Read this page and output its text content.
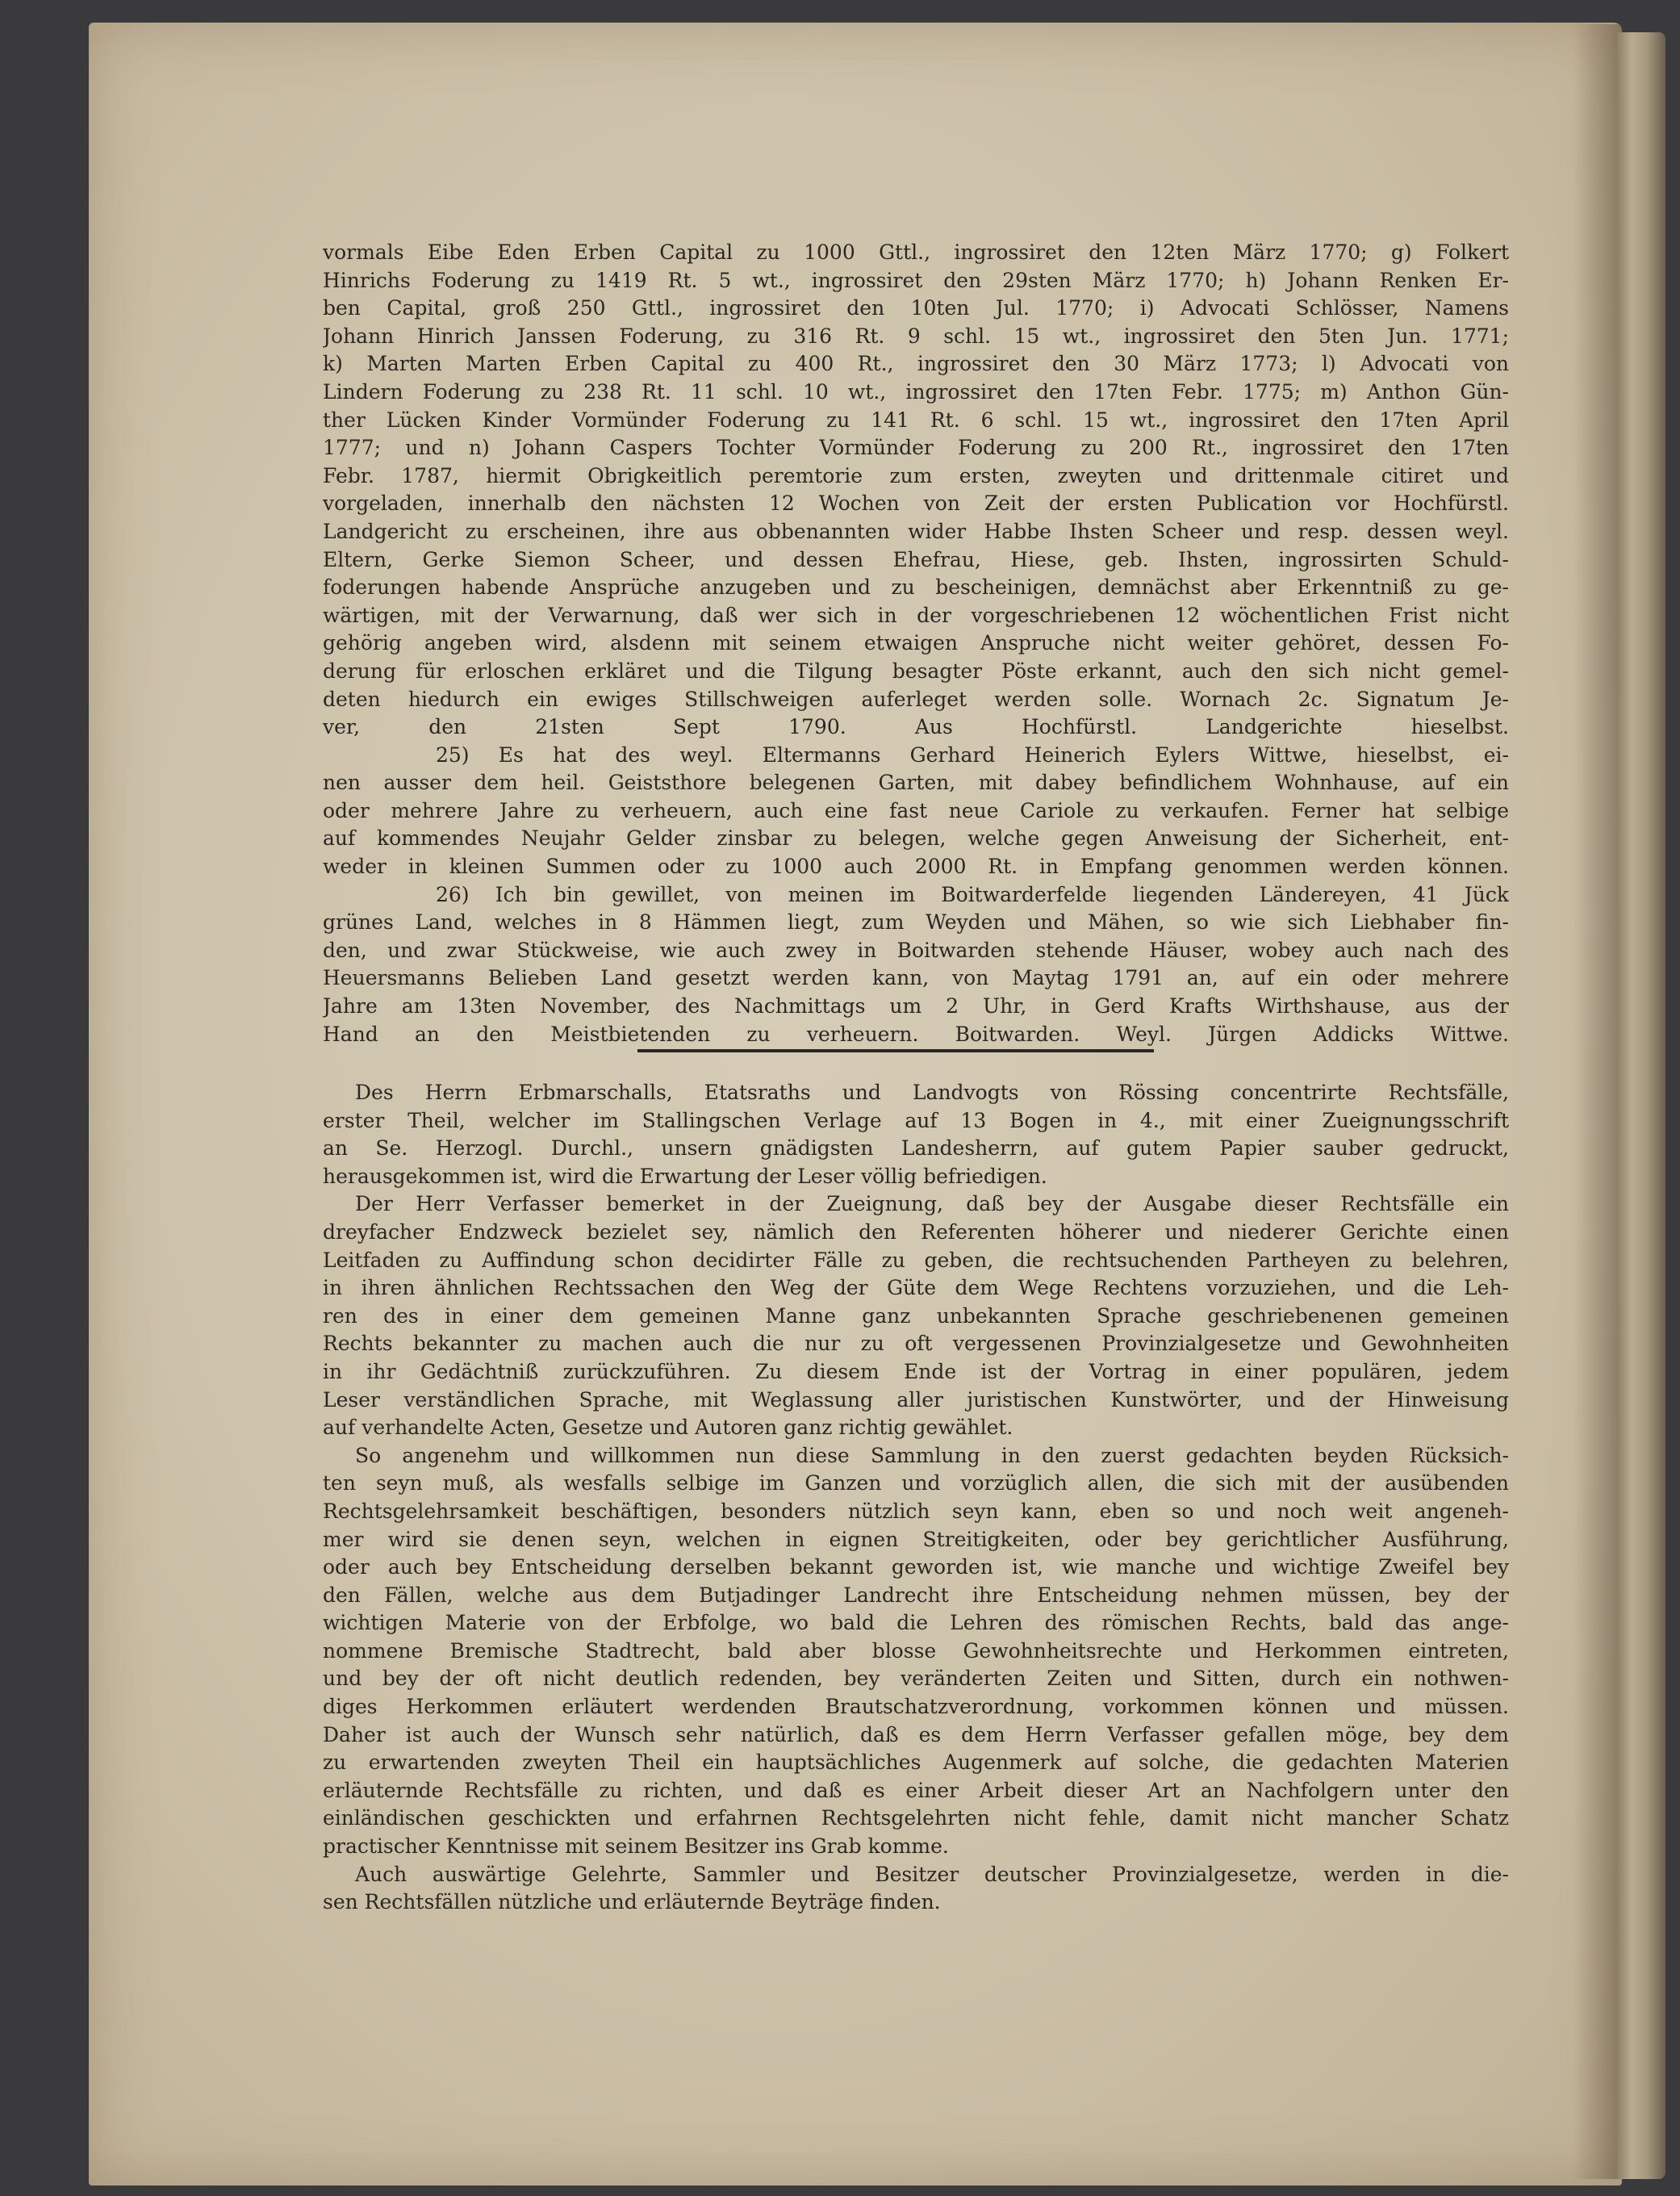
vormals Eibe Eden Erben Capital zu 1000 Gttl., ingrossiret den 12ten März 1770; g) Folkert
Hinrichs Foderung zu 1419 Rt. 5 wt., ingrossiret den 29sten März 1770; h) Johann Renken Er-
ben Capital, groß 250 Gttl., ingrossiret den 10ten Jul. 1770; i) Advocati Schlösser, Namens
Johann Hinrich Janssen Foderung, zu 316 Rt. 9 schl. 15 wt., ingrossiret den 5ten Jun. 1771;
k) Marten Marten Erben Capital zu 400 Rt., ingrossiret den 30 März 1773; l) Advocati von
Lindern Foderung zu 238 Rt. 11 schl. 10 wt., ingrossiret den 17ten Febr. 1775; m) Anthon Gün-
ther Lücken Kinder Vormünder Foderung zu 141 Rt. 6 schl. 15 wt., ingrossiret den 17ten April
1777; und n) Johann Caspers Tochter Vormünder Foderung zu 200 Rt., ingrossiret den 17ten
Febr. 1787, hiermit Obrigkeitlich peremtorie zum ersten, zweyten und drittenmale citiret und
vorgeladen, innerhalb den nächsten 12 Wochen von Zeit der ersten Publication vor Hochfürstl.
Landgericht zu erscheinen, ihre aus obbenannten wider Habbe Ihsten Scheer und resp. dessen weyl.
Eltern, Gerke Siemon Scheer, und dessen Ehefrau, Hiese, geb. Ihsten, ingrossirten Schuld-
foderungen habende Ansprüche anzugeben und zu bescheinigen, demnächst aber Erkenntniß zu ge-
wärtigen, mit der Verwarnung, daß wer sich in der vorgeschriebenen 12 wöchentlichen Frist nicht
gehörig angeben wird, alsdenn mit seinem etwaigen Anspruche nicht weiter gehöret, dessen Fo-
derung für erloschen erkläret und die Tilgung besagter Pöste erkannt, auch den sich nicht gemel-
deten hiedurch ein ewiges Stillschweigen auferleget werden solle. Wornach 2c. Signatum Je-
ver, den 21sten Sept 1790. Aus Hochfürstl. Landgerichte hieselbst.
25) Es hat des weyl. Eltermanns Gerhard Heinerich Eylers Wittwe, hieselbst, ei-
nen ausser dem heil. Geiststhore belegenen Garten, mit dabey befindlichem Wohnhause, auf ein
oder mehrere Jahre zu verheuern, auch eine fast neue Cariole zu verkaufen. Ferner hat selbige
auf kommendes Neujahr Gelder zinsbar zu belegen, welche gegen Anweisung der Sicherheit, ent-
weder in kleinen Summen oder zu 1000 auch 2000 Rt. in Empfang genommen werden können.
26) Ich bin gewillet, von meinen im Boitwarderfelde liegenden Ländereyen, 41 Jück
grünes Land, welches in 8 Hämmen liegt, zum Weyden und Mähen, so wie sich Liebhaber fin-
den, und zwar Stückweise, wie auch zwey in Boitwarden stehende Häuser, wobey auch nach des
Heuersmanns Belieben Land gesetzt werden kann, von Maytag 1791 an, auf ein oder mehrere
Jahre am 13ten November, des Nachmittags um 2 Uhr, in Gerd Krafts Wirthshause, aus der
Hand an den Meistbietenden zu verheuern. Boitwarden. Weyl. Jürgen Addicks Wittwe.
Des Herrn Erbmarschalls, Etatsraths und Landvogts von Rössing concentrirte Rechtsfälle,
erster Theil, welcher im Stallingschen Verlage auf 13 Bogen in 4., mit einer Zueignungsschrift
an Se. Herzogl. Durchl., unsern gnädigsten Landesherrn, auf gutem Papier sauber gedruckt,
herausgekommen ist, wird die Erwartung der Leser völlig befriedigen.
Der Herr Verfasser bemerket in der Zueignung, daß bey der Ausgabe dieser Rechtsfälle ein
dreyfacher Endzweck bezielet sey, nämlich den Referenten höherer und niederer Gerichte einen
Leitfaden zu Auffindung schon decidirter Fälle zu geben, die rechtsuchenden Partheyen zu belehren,
in ihren ähnlichen Rechtssachen den Weg der Güte dem Wege Rechtens vorzuziehen, und die Leh-
ren des in einer dem gemeinen Manne ganz unbekannten Sprache geschriebenenen gemeinen
Rechts bekannter zu machen auch die nur zu oft vergessenen Provinzialgesetze und Gewohnheiten
in ihr Gedächtniß zurückzuführen. Zu diesem Ende ist der Vortrag in einer populären, jedem
Leser verständlichen Sprache, mit Weglassung aller juristischen Kunstwörter, und der Hinweisung
auf verhandelte Acten, Gesetze und Autoren ganz richtig gewählet.
So angenehm und willkommen nun diese Sammlung in den zuerst gedachten beyden Rücksich-
ten seyn muß, als wesfalls selbige im Ganzen und vorzüglich allen, die sich mit der ausübenden
Rechtsgelehrsamkeit beschäftigen, besonders nützlich seyn kann, eben so und noch weit angeneh-
mer wird sie denen seyn, welchen in eignen Streitigkeiten, oder bey gerichtlicher Ausführung,
oder auch bey Entscheidung derselben bekannt geworden ist, wie manche und wichtige Zweifel bey
den Fällen, welche aus dem Butjadinger Landrecht ihre Entscheidung nehmen müssen, bey der
wichtigen Materie von der Erbfolge, wo bald die Lehren des römischen Rechts, bald das ange-
nommene Bremische Stadtrecht, bald aber blosse Gewohnheitsrechte und Herkommen eintreten,
und bey der oft nicht deutlich redenden, bey veränderten Zeiten und Sitten, durch ein nothwen-
diges Herkommen erläutert werdenden Brautschatzverordnung, vorkommen können und müssen.
Daher ist auch der Wunsch sehr natürlich, daß es dem Herrn Verfasser gefallen möge, bey dem
zu erwartenden zweyten Theil ein hauptsächliches Augenmerk auf solche, die gedachten Materien
erläuternde Rechtsfälle zu richten, und daß es einer Arbeit dieser Art an Nachfolgern unter den
einländischen geschickten und erfahrnen Rechtsgelehrten nicht fehle, damit nicht mancher Schatz
practischer Kenntnisse mit seinem Besitzer ins Grab komme.
Auch auswärtige Gelehrte, Sammler und Besitzer deutscher Provinzialgesetze, werden in die-
sen Rechtsfällen nützliche und erläuternde Beyträge finden.
